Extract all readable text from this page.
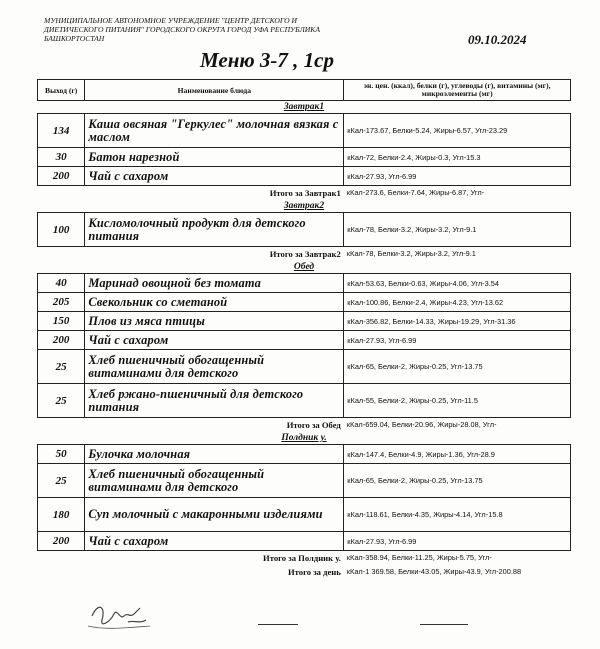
МУНИЦИПАЛЬНОЕ АВТОНОМНОЕ УЧРЕЖДЕНИЕ "ЦЕНТР ДЕТСКОГО И
ДИЕТИЧЕСКОГО ПИТАНИЯ" ГОРОДСКОГО ОКРУГА ГОРОД УФА РЕСПУБЛИКА
БАШКОРТОСТАН	09.10.2024
Меню 3-7 , 1ср
Выход (г)	Наименование блюда	эн. цен. (ккал), белки (г), углеводы (г), витамины (мг), микроэлементы (мг)
Завтрак1		
134	Каша овсяная "Геркулес" молочная вязкая с маслом	кКал-173.67, Белки-5.24, Жиры-6.57, Угл-23.29
30	Батон нарезной	кКал-72, Белки-2.4, Жиры-0.3, Угл-15.3
200	Чай с сахаром	кКал-27.93, Угл-6.99
Итого за Завтрак1		кКал-273.6, Белки-7.64, Жиры-6.87, Угл-
Завтрак2		
100	Кисломолочный продукт для детского питания	кКал-78, Белки-3.2, Жиры-3.2, Угл-9.1
Итого за Завтрак2		кКал-78, Белки-3.2, Жиры-3.2, Угл-9.1
Обед		
40	Маринад овощной без томата	кКал-53.63, Белки-0.63, Жиры-4.06, Угл-3.54
205	Свекольник со сметаной	кКал-100.86, Белки-2.4, Жиры-4.23, Угл-13.62
150	Плов из мяса птицы	кКал-356.82, Белки-14.33, Жиры-19.29, Угл-31.36
200	Чай с сахаром	кКал-27.93, Угл-6.99
25	Хлеб пшеничный обогащенный витаминами для детского	кКал-65, Белки-2, Жиры-0.25, Угл-13.75
25	Хлеб ржано-пшеничный для детского питания	кКал-55, Белки-2, Жиры-0.25, Угл-11.5
Итого за Обед		кКал-659.04, Белки-20.96, Жиры-28.08, Угл-
Полдник у.		
50	Булочка молочная	кКал-147.4, Белки-4.9, Жиры-1.36, Угл-28.9
25	Хлеб пшеничный обогащенный витаминами для детского	кКал-65, Белки-2, Жиры-0.25, Угл-13.75
180	Суп молочный с макаронными изделиями	кКал-118.61, Белки-4.35, Жиры-4.14, Угл-15.8
200	Чай с сахаром	кКал-27.93, Угл-6.99
Итого за Полдник у.		кКал-358.94, Белки-11.25, Жиры-5.75, Угл-
Итого за день		кКал-1 369.58, Белки-43.05, Жиры-43.9, Угл-200.88
